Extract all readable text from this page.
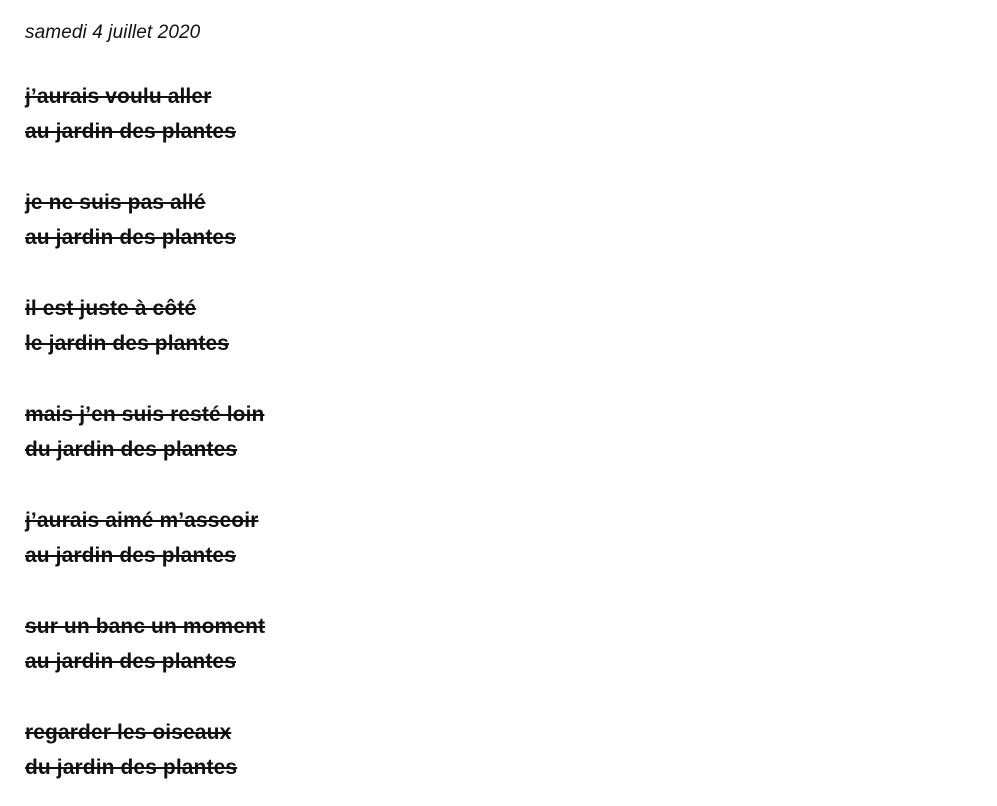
samedi 4 juillet 2020
j’aurais voulu aller
au jardin des plantes
je ne suis pas allé
au jardin des plantes
il est juste à côté
le jardin des plantes
mais j’en suis resté loin
du jardin des plantes
j’aurais aimé m’asseoir
au jardin des plantes
sur un banc un moment
au jardin des plantes
regarder les oiseaux
du jardin des plantes
